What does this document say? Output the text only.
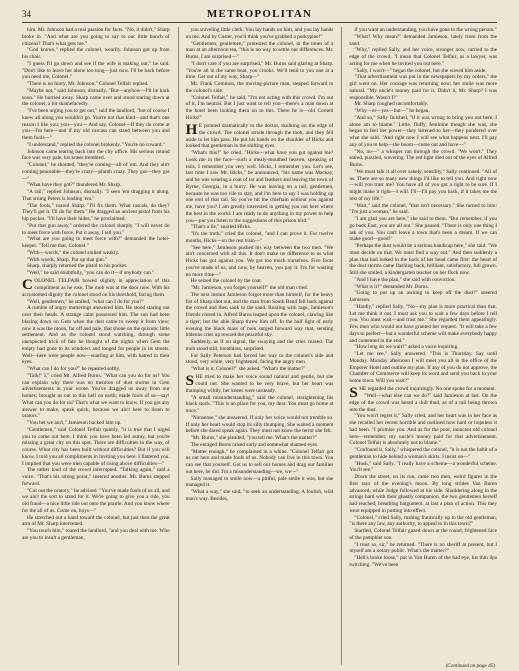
34	METROPOLITAN

him. Mr. Johnson had a real passion for facts. "No, it didn't," Sharp broke in. "And what are you going to say to our little bunch of citizens? That's what gets me."

"God knows," replied the colonel, wearily. Johnson got up from his chair.

"I guess I'll go down and see if the wife is making out," he said. "Don't like to leave her alone too long—just now. I'll be back before you need me, Colonel."

"There is no hurry, Mr. Johnson," Colonel Telfair replied.

"Maybe not," said Johnson, dismally. "But—anyhow—I'll be back soon." He hurried away. Sharp came over and stood staring down at the colonel, a bit shamefacedly.

"I've been urging you to get out," said the landlord, "but of course I knew all along you wouldn't go. You're not that kind—and that's one reason I like you; you—you— And say, Colonel—If they do come at you—I'm here—and if my old carcass can stand between you and them fools—"

"I understand," replied the colonel brokenly. "You're no coward."

Johnson came tearing back into the city office. His serious rotund face was very pale, his knees trembled.

"Colonel," he shouted, "they're coming—all of 'em. And they ain't coming peaceable—they're crazy—plumb crazy. They got—they got—"

"What have they got?" thundered Mr. Sharp.

"A rail," replied Johnson, dismally. "I seen 'em dragging it along. That strung Peters is leading 'em."

"The fools," roared Sharp. "I'll fix them. What rascals, do they? They'll get it. I'll do for them." He dragged an ancient pistol from his hip pocket. "I'll have their hides," he proclaimed.

"Put that gun away," ordered the colonel sharply. "I will never do to meet force with force. Put it away, I tell you."

"What are you going to meet force with?" demanded the hotel-keeper. "Tell me that, Colonel."

"With—words," the colonel smiled weakly.

"With words, Sharp. Put up that gun."

Sharp, sharply returned the pistol to his pocket.

"Well," he said doubtfully, "you can do it—if anybody can."

COLONEL TELFAIR bowed slightly in appreciation of this compliment as he rose. The mob was at the door now. With his accustomed dignity the colonel stood on his threshold, facing them.

"Well, gentlemen," he smiled, "what can I do for you?"

A rumble of angry mutterings answered him. He stood staring out over their heads. A strange calm possessed him. The sun had been blazing down on Gem when the dust came to sweep it from view; now it was the moon, far off and pale, that shone on the quixotic little settlement. And as the colonel stood watching, through some unexpected trick of fate he thought of the nights when Gem the empty had gone to its windows and longed for people in its streets. Well—here were people now—snarling at him, with hatred in their eyes.

"What can I do for you?" he repeated softly.

"Talk!" I," cried Mr. Alfred Burns. "What can you do for us? You can explain why there was no mention of dust storms in Gem advertisements in your wrote. You've dragged us away from our homes; brought us out to this hell on earth; made fools of us—say! What can you do for us? That's what we want to know. If you got any answer to make, speak quick, because we ain't here to listen to orators."

"You bet we ain't," Jamieson backed him up.

"Gentlemen," said Colonel Telfair quietly, "it is true that I urged you to come out here. I think you have been led astray, but you're missing a great city on this spot. There are difficulties in the way, of course. What city has been built without difficulties? But if you will know, I told you all compliments in inviting you here. I flattered you. I implied that you were men capable of rising above difficulties—"

The rather loud of the crowd interrupted. "Talking again," said a voice. "That's his strong point," sneered another. Mr. Burns stepped forward.

"Cut out the oratory," he advised. "You've made fools of us all, and we ain't the sort to stand for it. We're going to give you a ride, you old fraud—a nice little ride out onto the prairie. And you know where for the all of us. Come on, boys—"

He stretched out a hand toward the colonel, but just then the great arm of Mr. Sharp intervened.

"You touch him," roared the landlord, "and you deal with me. Who are you to insult a gentleman,

you sniveling little clerk. You lay hands on him, and you lay hands on me. And by Custer, you'll think you've grabbed a porkypine!"

"Gentlemen, gentlemen," protested the colonel, in the tones of a man at an afternoon tea, "this is no way to settle our differences. Mr. Burns, I am surprised—"

"I don't care if you are surprised," Mr. Burns said glaring at Sharp. "You're all in the same boat, you crooks. We'll tend to you one at a time. Get out of my way, Sharp—"

Mr. Frank Common, the moving-picture man, stepped forward to the colonel's side.

"Colonel Telfair," he said, "I'm not acting with this crowd. I'm out of it, I'm neutral. But I just want to tell you—there's a man down at the hotel been looking them on to this. There he is—old Cornell Hicks!"

HE pointed dramatically to the doctor, skulking on the edge of the crowd. The colonel strode through the mob, and they fell aside to let him pass. He put his hands on the shoulder of Hicks and looked that gentleman in the shifting eyes.

"What's this?" he cried. "Hicks—what have you got against me? Look me in the face—such a mealy-mouthed heaven, speaking of rails, I remember you very well. Hicks, I remember you. Let's see, last time I saw Mr. Hicks," he announced, "his name was Mackay, and he was wearing a coat of tar and feathers and leaving the town of Byrne, Georgia, in a hurry. He was leaving on a rail, gentlemen, because he was too vile to stay, and I'm here to say I was holding up one end of that rail. So you've hit the chieftain without you against me, have you? I am greatly interested in getting you out here where the best in the world. I am ready to do anything in my power to help you—put you listen to the suggestions of this prison bird."

"That's a lie," snarled Hicks.

"It's the truth," cried the colonel, "and I can prove it. For twelve months, Hicks—on the rest train—"

"See here," Jamieson pushed his way between the two men. "We ain't concerned with all this. It don't make no difference to us what Hicks has got against you. We got too much ourselves. Five foots you've made of us, and now, by heaven, you pay it. I'm for wasting no more time—"

He seized the colonel by the coat.

"Mr. Jamieson, you forget yourself!" the old man cried.

The next instant Jamieson forgot more than himself, for the heavy fist of Sharp shot out, and the man from South Bend fell back against the crowd and then sank to the sand. Roaring with rage, Jamieson's friends closed in. Alfred Burns leaped upon the colonel, clawing like a tiger; but the able Sharp threw him off. In the half light of early evening the black mass of men surged forward way that, sending hideous cries up toward the peaceful sky.

Suddenly, as if on signal, the swaying and the cries ceased. The mob stood still, breathless, surprised.

For Sally Peterson had forced her way to the colonel's side and stood, very white, very frightened, facing the angry men.

"What is it, Colonel?" she asked. "What's the matter?"

SHE tried to make her voice sound natural and gentle, but she could not. She wanted to be very brave, but her heart was thumping wildly, her knees were unsteady.

"A small misunderstanding," said the colonel, straightening his black stock. "This is no place for you, my dear. You must go home at once."

"Nonsense," she answered. If only her voice would not tremble so. If only her heart would stop its silly thumping. She waited a moment before she dared speak again. They must not know the terror she felt.

"Mr. Burns," she pleaded, "you tell me. What's the matter?"

The enraged Burns raised surly and somewhat shamed eyes.

"Matter enough," he complained in a whine. "Colonel Telfair got us out here and made fools of us. Nobody can live in this town. You can see that yourself. Got us to sell our homes and drag our families out here, he did. I'm a misunderstanding—we, we—"

Sally managed to smile now—a pitiful, pale smile it was, but she managed it.

"What a way," she said, "to seek an understanding. A foolish, wild man's way. Besides,

if you want an understanding, you have gone to the wrong person."

"What? Why mean?" demanded Jamieson, lately risen from the sand.

"Why," replied Sally, and her voice, stronger now, carried to the edge of the crowd, "I mean that Colonel Telfair, as a lawyer, was acting for me when he invited you out here."

"Sally, I won't—" began the colonel, but she waved him aside.

"That advertisement was put in the newspapers by my orders," the girl went on. Her courage was returning now; her smile was more natural. "My uncle's money paid for it. Didn't it, Mr. Sharp? I was responsible. Wasn't I?"

Mr. Sharp coughed uncomfortably.

"Why—er—yes—but—" he began.

"And so," Sally finished, "if it was wrong to bring you out here, I alone am to blame." Little, fluffy, feminine though she was, she began to feel her power—they listened to her—they pondered over what she said. "And right now I will see what happens next. I'll pay any of you to help—the boom—come out and have—"

"No, no—" a whisper ran through the crowd. "We won't." They stared, puzzled, wavering. The red light died out of the eyes of Alfred Burns.

"We must talk it all over sanely, sensibly," Sally continued. "All of us. There are so many new things I'd like to tell you. And right now—will you trust me? You have all of you got a right to be sure. If I might make it right—I will. I'll—I'll pay you back, if it takes me the rest of my life."

"Wait," said the colonel, "that isn't necessary." She turned to him: "I'm just a woman," he said.

"I am glad you are here," she said to them. "But remember, if you go back East, you are all out." She paused. "There is only one thing I ask of you. You can't leave a town that's been a dream. If we can make good—good!"

"Perhaps the dust would be a serious handicap here," she said. "We must decide on that. We must find a way out." And then suddenly a plan that had lurked in the back of her head came first: the heart of the dust storms came flashing back, brilliant, satisfactory, full grown. Still she smiled, a kindergarten teacher on her flock now.

"And I have the plan," she said with conviction.

"What is it?" demanded Mr. Burns.

"Going to put up an awning to keep off the dust?" sneered Jamieson.

"Hardly," replied Sally. "No—my plan is more practical than that. Let me think it out. I must ask you to wait a few days before I tell you. You must wait—and trust me." She regarded them appealingly. Few men who would not have granted her request. "It will take a few days to perfect—but a wonderful scheme will make everybody happy and contented in the end."

"How long do we wait?" asked a voice inquiring.

"Let me see," Sally answered. "This is Thursday. Say until Monday. Monday afternoon I will meet you all in the office of the Emporer Hotel and outline my plan. If any of you do not approve, the Chamber of Commerce will keep its word and send you back to your home town. Will you wait?"

SHE regarded the crowd inquiringly. No one spoke for a moment.

"Well—what else can we do?" said Jamieson at last. On the edge of the crowd was heard a dull thud, as of a rail being thrown into the dust.

"You won't regret it," Sally cried, and her heart was in her face as she recalled her recent horrible and outlined how hard or hopeless it had been. "I promise you. And as for the poor, innocent old colonel here—remember, my uncle's money paid for that advertisement. Colonel Telfair is absolutely not to blame."

"Confound it, Sally," whispered the colonel, "it is not the habit of a gentleman to hide behind a woman's skirts. I insist on—"

"Hush," said Sally. "I really have a scheme—a wonderful scheme. You'll see."

Down the street, on its run, came two men, weird figures in the first rays of the evening's moon. By long strides Van Buren advanced, while Judge followed at his side. Shuddering along in the strings hard with their ghastly companion, the two gentlemen herself had reached, breathing bargument, at last a plan of action. This they were equipped in putting into effect.

"Colonel," cried Sally, rushing frantically up to the old gentleman, "is there any law, any authority, to appeal to in this town?"

Startled, Colonel Telfair gazed down at the round, frightened face of the pamphlet son.

"I trust so, sir," he returned. "There is no sheriff at present, but I myself am a notary public. What's the matter?"

"Hell's broke loose," put in Van Buren of the bad eye, his thin lips twitching. "We've been

(Continued on page 45)
